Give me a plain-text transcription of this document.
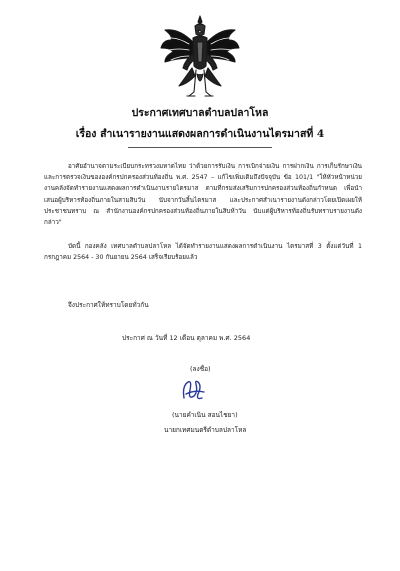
ประกาศเทศบาลตำบลปลาโหล
เรื่อง สำเนารายงานแสดงผลการดำเนินงานไตรมาสที่ 4
อาศัยอำนาจตามระเบียบกระทรวงมหาดไทย ว่าด้วยการรับเงิน การเบิกจ่ายเงิน การฝากเงิน การเก็บรักษาเงิน และการตรวจเงินขององค์กรปกครองส่วนท้องถิ่น พ.ศ. 2547 – แก้ไขเพิ่มเติมถึงปัจจุบัน ข้อ 101/1 "ให้หัวหน้าหน่วยงานคลังจัดทำรายงานแสดงผลการดำเนินงานรายไตรมาส ตามที่กรมส่งเสริมการปกครองส่วนท้องถิ่นกำหนด เพื่อนำเสนอผู้บริหารท้องถิ่นภายในสามสิบวัน นับจากวันสิ้นไตรมาส และประกาศสำเนารายงานดังกล่าวโดยเปิดเผยให้ประชาชนทราบ ณ สำนักงานองค์กรปกครองส่วนท้องถิ่นภายในสิบห้าวัน นับแต่ผู้บริหารท้องถิ่นรับทราบรายงานดังกล่าว"
บัดนี้ กองคลัง เทศบาลตำบลปลาโหล ได้จัดทำรายงานแสดงผลการดำเนินงาน ไตรมาสที่ 3 ตั้งแต่วันที่ 1 กรกฎาคม 2564 - 30 กันยายน 2564 เสร็จเรียบร้อยแล้ว
จึงประกาศให้ทราบโดยทั่วกัน
ประกาศ ณ วันที่ 12 เดือน ตุลาคม พ.ศ. 2564
(ลงชื่อ)
(นายคำเนิน สอนไชยา)
นายกเทศมนตรีตำบลปลาโหล
